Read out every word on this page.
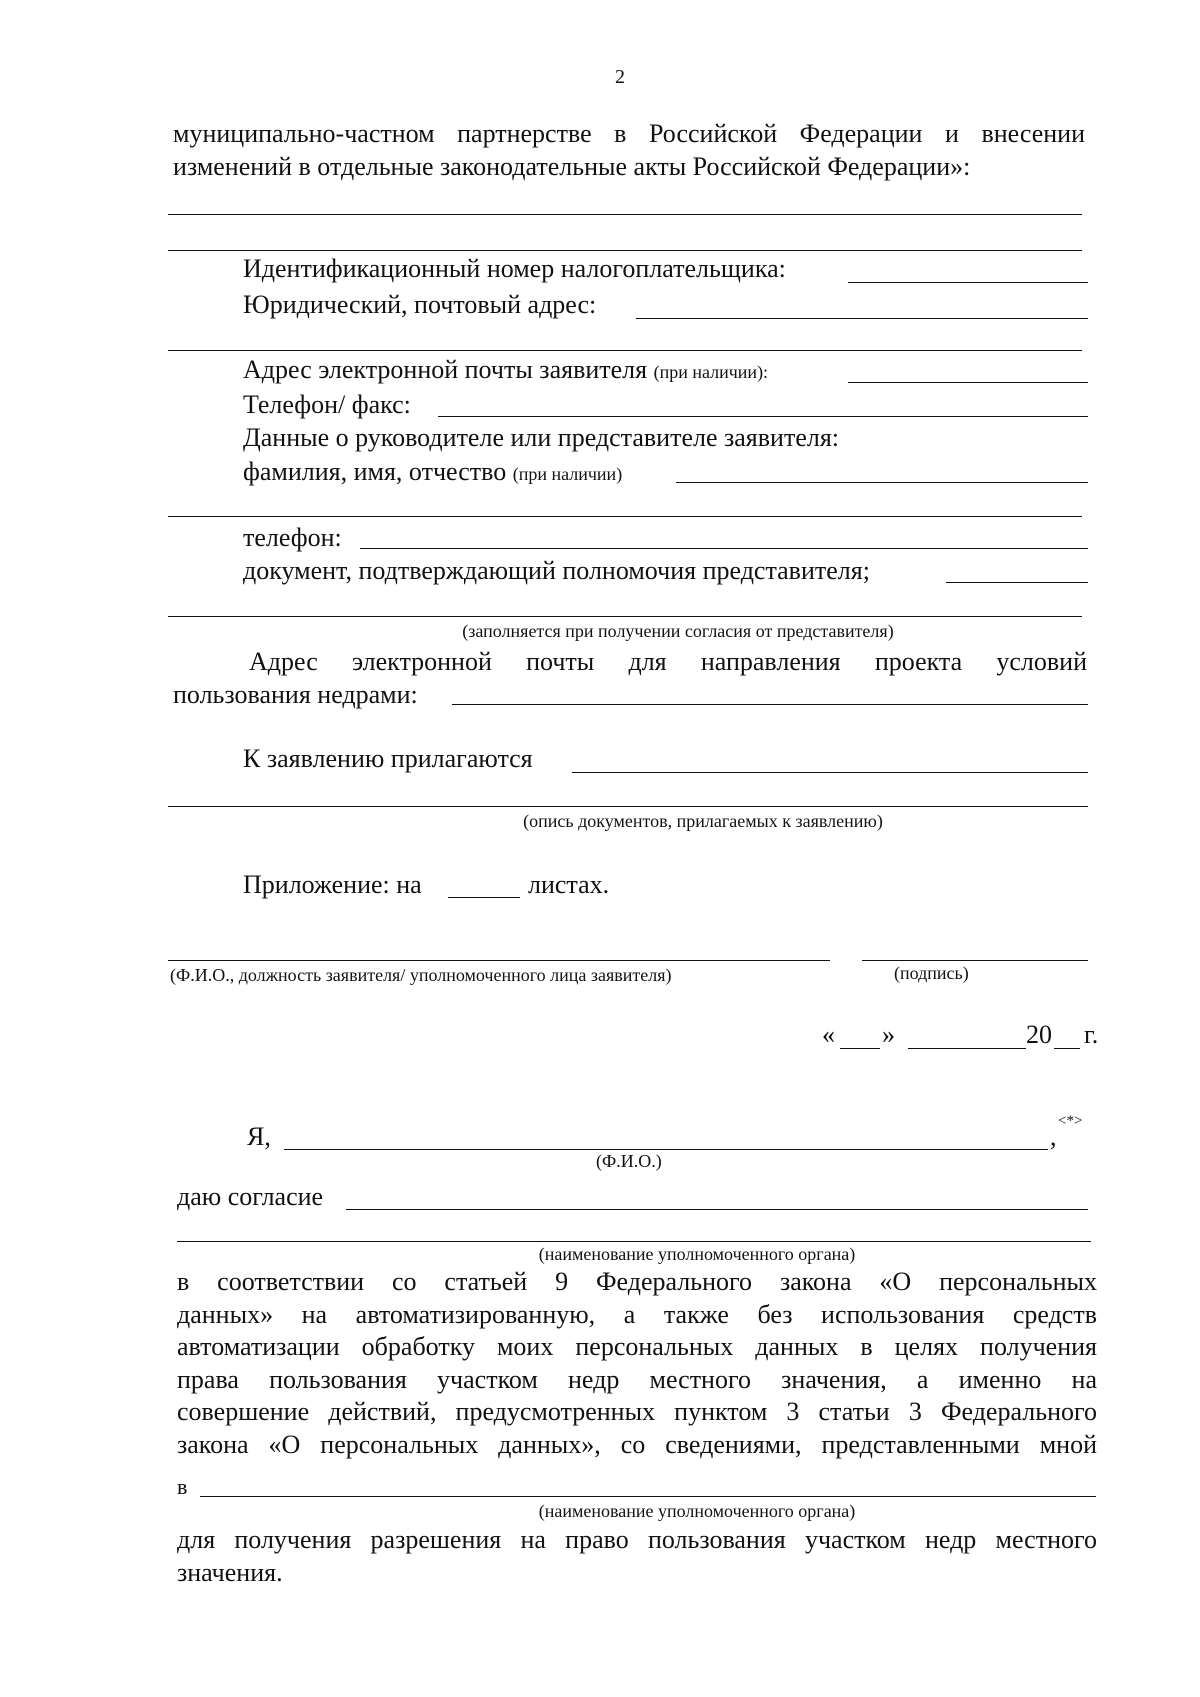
2
муниципально-частном партнерстве в Российской Федерации и внесении
изменений в отдельные законодательные акты Российской Федерации»:
Идентификационный номер налогоплательщика:
Юридический, почтовый адрес:
Адрес электронной почты заявителя (при наличии):
Телефон/ факс:
Данные о руководителе или представителе заявителя:
фамилия, имя, отчество (при наличии)
телефон:
документ, подтверждающий полномочия представителя;
(заполняется при получении согласия от представителя)
Адрес электронной почты для направления проекта условий
пользования недрами:
К заявлению прилагаются
(опись документов, прилагаемых к заявлению)
Приложение: на	листах.
(Ф.И.О., должность заявителя/ уполномоченного лица заявителя)	(подпись)
« »	20 г.
Я,	,
<*>
(Ф.И.О.)
даю согласие
(наименование уполномоченного органа)
в соответствии со статьей 9 Федерального закона «О персональных
данных» на автоматизированную, а также без использования средств
автоматизации обработку моих персональных данных в целях получения
права пользования участком недр местного значения, а именно на
совершение действий, предусмотренных пунктом 3 статьи 3 Федерального
закона «О персональных данных», со сведениями, представленными мной
в
(наименование уполномоченного органа)
для получения разрешения на право пользования участком недр местного
значения.
